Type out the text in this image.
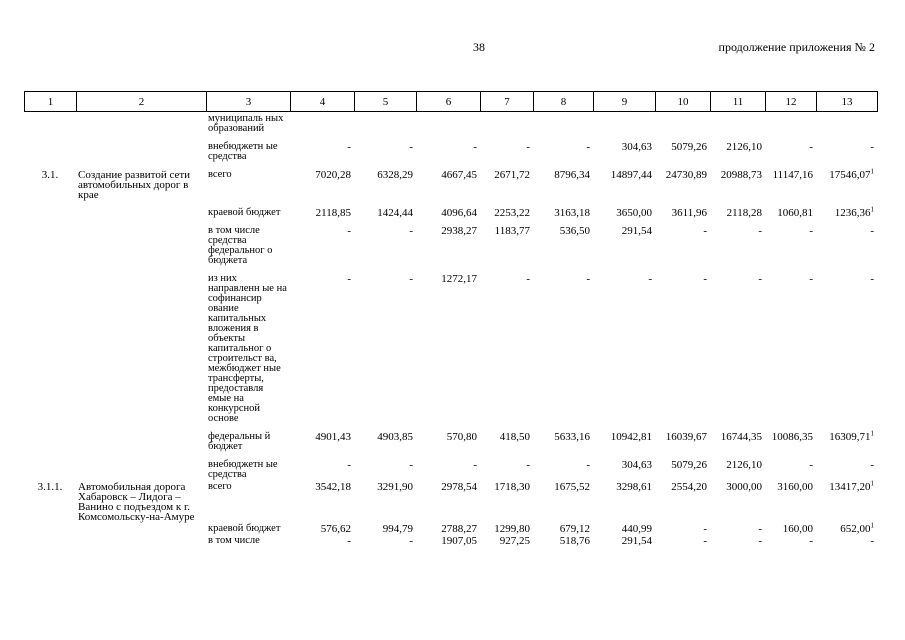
38	продолжение приложения № 2
1	2	3	4	5	6	7	8	9	10	11	12	13
		муниципаль ных образований										

		внебюджетн ые средства	-	-	-	-	-	304,63	5079,26	2126,10	-	-

3.1.	Создание развитой сети автомобильных дорог в крае	всего	7020,28	6328,29	4667,45	2671,72	8796,34	14897,44	24730,89	20988,73	11147,16	17546,07$^1$

		краевой бюджет	2118,85	1424,44	4096,64	2253,22	3163,18	3650,00	3611,96	2118,28	1060,81	1236,36$^1$

		в том числе средства федеральног о бюджета	-	-	2938,27	1183,77	536,50	291,54	-	-	-	-

		из них направленн ые на софинансир ование капитальных вложения в объекты капитальног о строительст ва, межбюджет ные трансферты, предоставля емые на конкурсной основе	-	-	1272,17	-	-	-	-	-	-	-

		федеральны й бюджет	4901,43	4903,85	570,80	418,50	5633,16	10942,81	16039,67	16744,35	10086,35	16309,71$^1$

		внебюджетн ые средства	-	-	-	-	-	304,63	5079,26	2126,10	-	-
3.1.1.	Автомобильная дорога Хабаровск – Лидога – Ванино с подъездом к г. Комсомольску-на-Амуре	всего	3542,18	3291,90	2978,54	1718,30	1675,52	3298,61	2554,20	3000,00	3160,00	13417,20$^1$
		краевой бюджет	576,62	994,79	2788,27	1299,80	679,12	440,99	-	-	160,00	652,00$^1$
		в том числе	-	-	1907,05	927,25	518,76	291,54	-	-	-	-
